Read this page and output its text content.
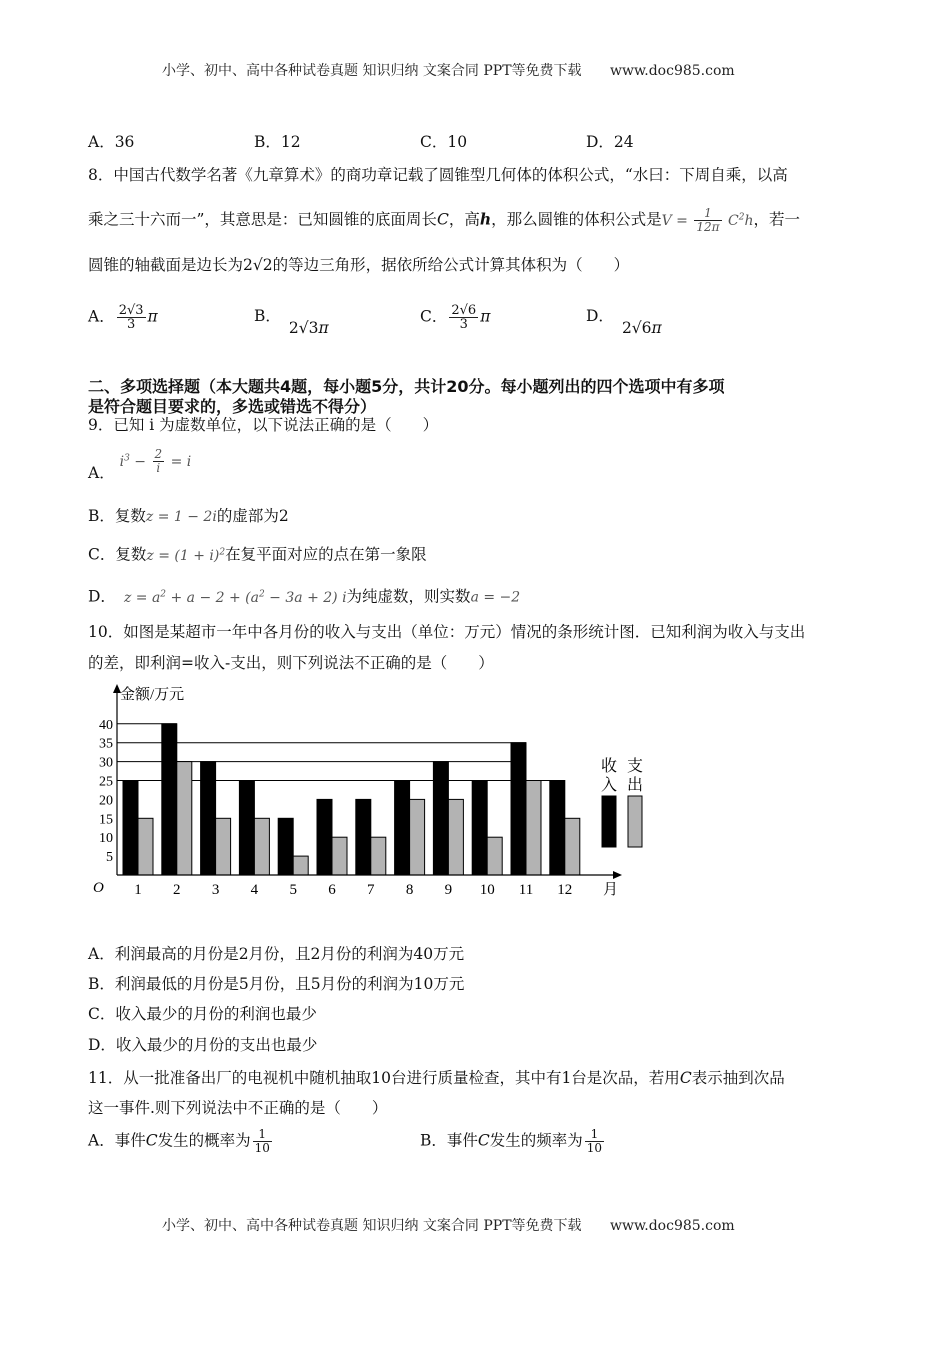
小学、初中、高中各种试卷真题 知识归纳 文案合同 PPT等免费下载 www.doc985.com
A．36	B．12	C．10	D．24
8．中国古代数学名著《九章算术》的商功章记载了圆锥型几何体的体积公式，“水曰：下周自乘，以高
乘之三十六而一”，其意思是：已知圆锥的底面周长C，高h，那么圆锥的体积公式是$V = \frac{1}{12\pi} C^2h$，若一
圆锥的轴截面是边长为2√2的等边三角形，据依所给公式计算其体积为（　　）
A． $\frac{2√3}{3}$ π	B．2√3π
C． $\frac{2√6}{3}$ π	D．2√6π
二、多项选择题（本大题共4题，每小题5分，共计20分。每小题列出的四个选项中有多项
是符合题目要求的，多选或错选不得分）
9．已知 i 为虚数单位，以下说法正确的是（　　）
A． $i^3 - \frac{2}{i} = i$
B．复数z = 1 − 2i的虚部为2
C．复数$z = (1 + i)^2$在复平面对应的点在第一象限
D． $z = a^2 + a - 2 + (a^2 - 3a + 2)$ i为纯虚数，则实数a = −2
10．如图是某超市一年中各月份的收入与支出（单位：万元）情况的条形统计图．已知利润为收入与支出
的差，即利润=收入-支出，则下列说法不正确的是（　　）
金额/万元
O	月
5
10
15
20
25
30
35
40
1 2 3 4 5 6 7 8 9 10 11 12
收
入
支
出
A．利润最高的月份是2月份，且2月份的利润为40万元
B．利润最低的月份是5月份，且5月份的利润为10万元
C．收入最少的月份的利润也最少
D．收入最少的月份的支出也最少
11．从一批准备出厂的电视机中随机抽取10台进行质量检查，其中有1台是次品，若用C表示抽到次品
这一事件.则下列说法中不正确的是（　　）
A．事件C发生的概率为 $\frac{1}{10}$	B．事件C发生的频率为 $\frac{1}{10}$
小学、初中、高中各种试卷真题 知识归纳 文案合同 PPT等免费下载 www.doc985.com
